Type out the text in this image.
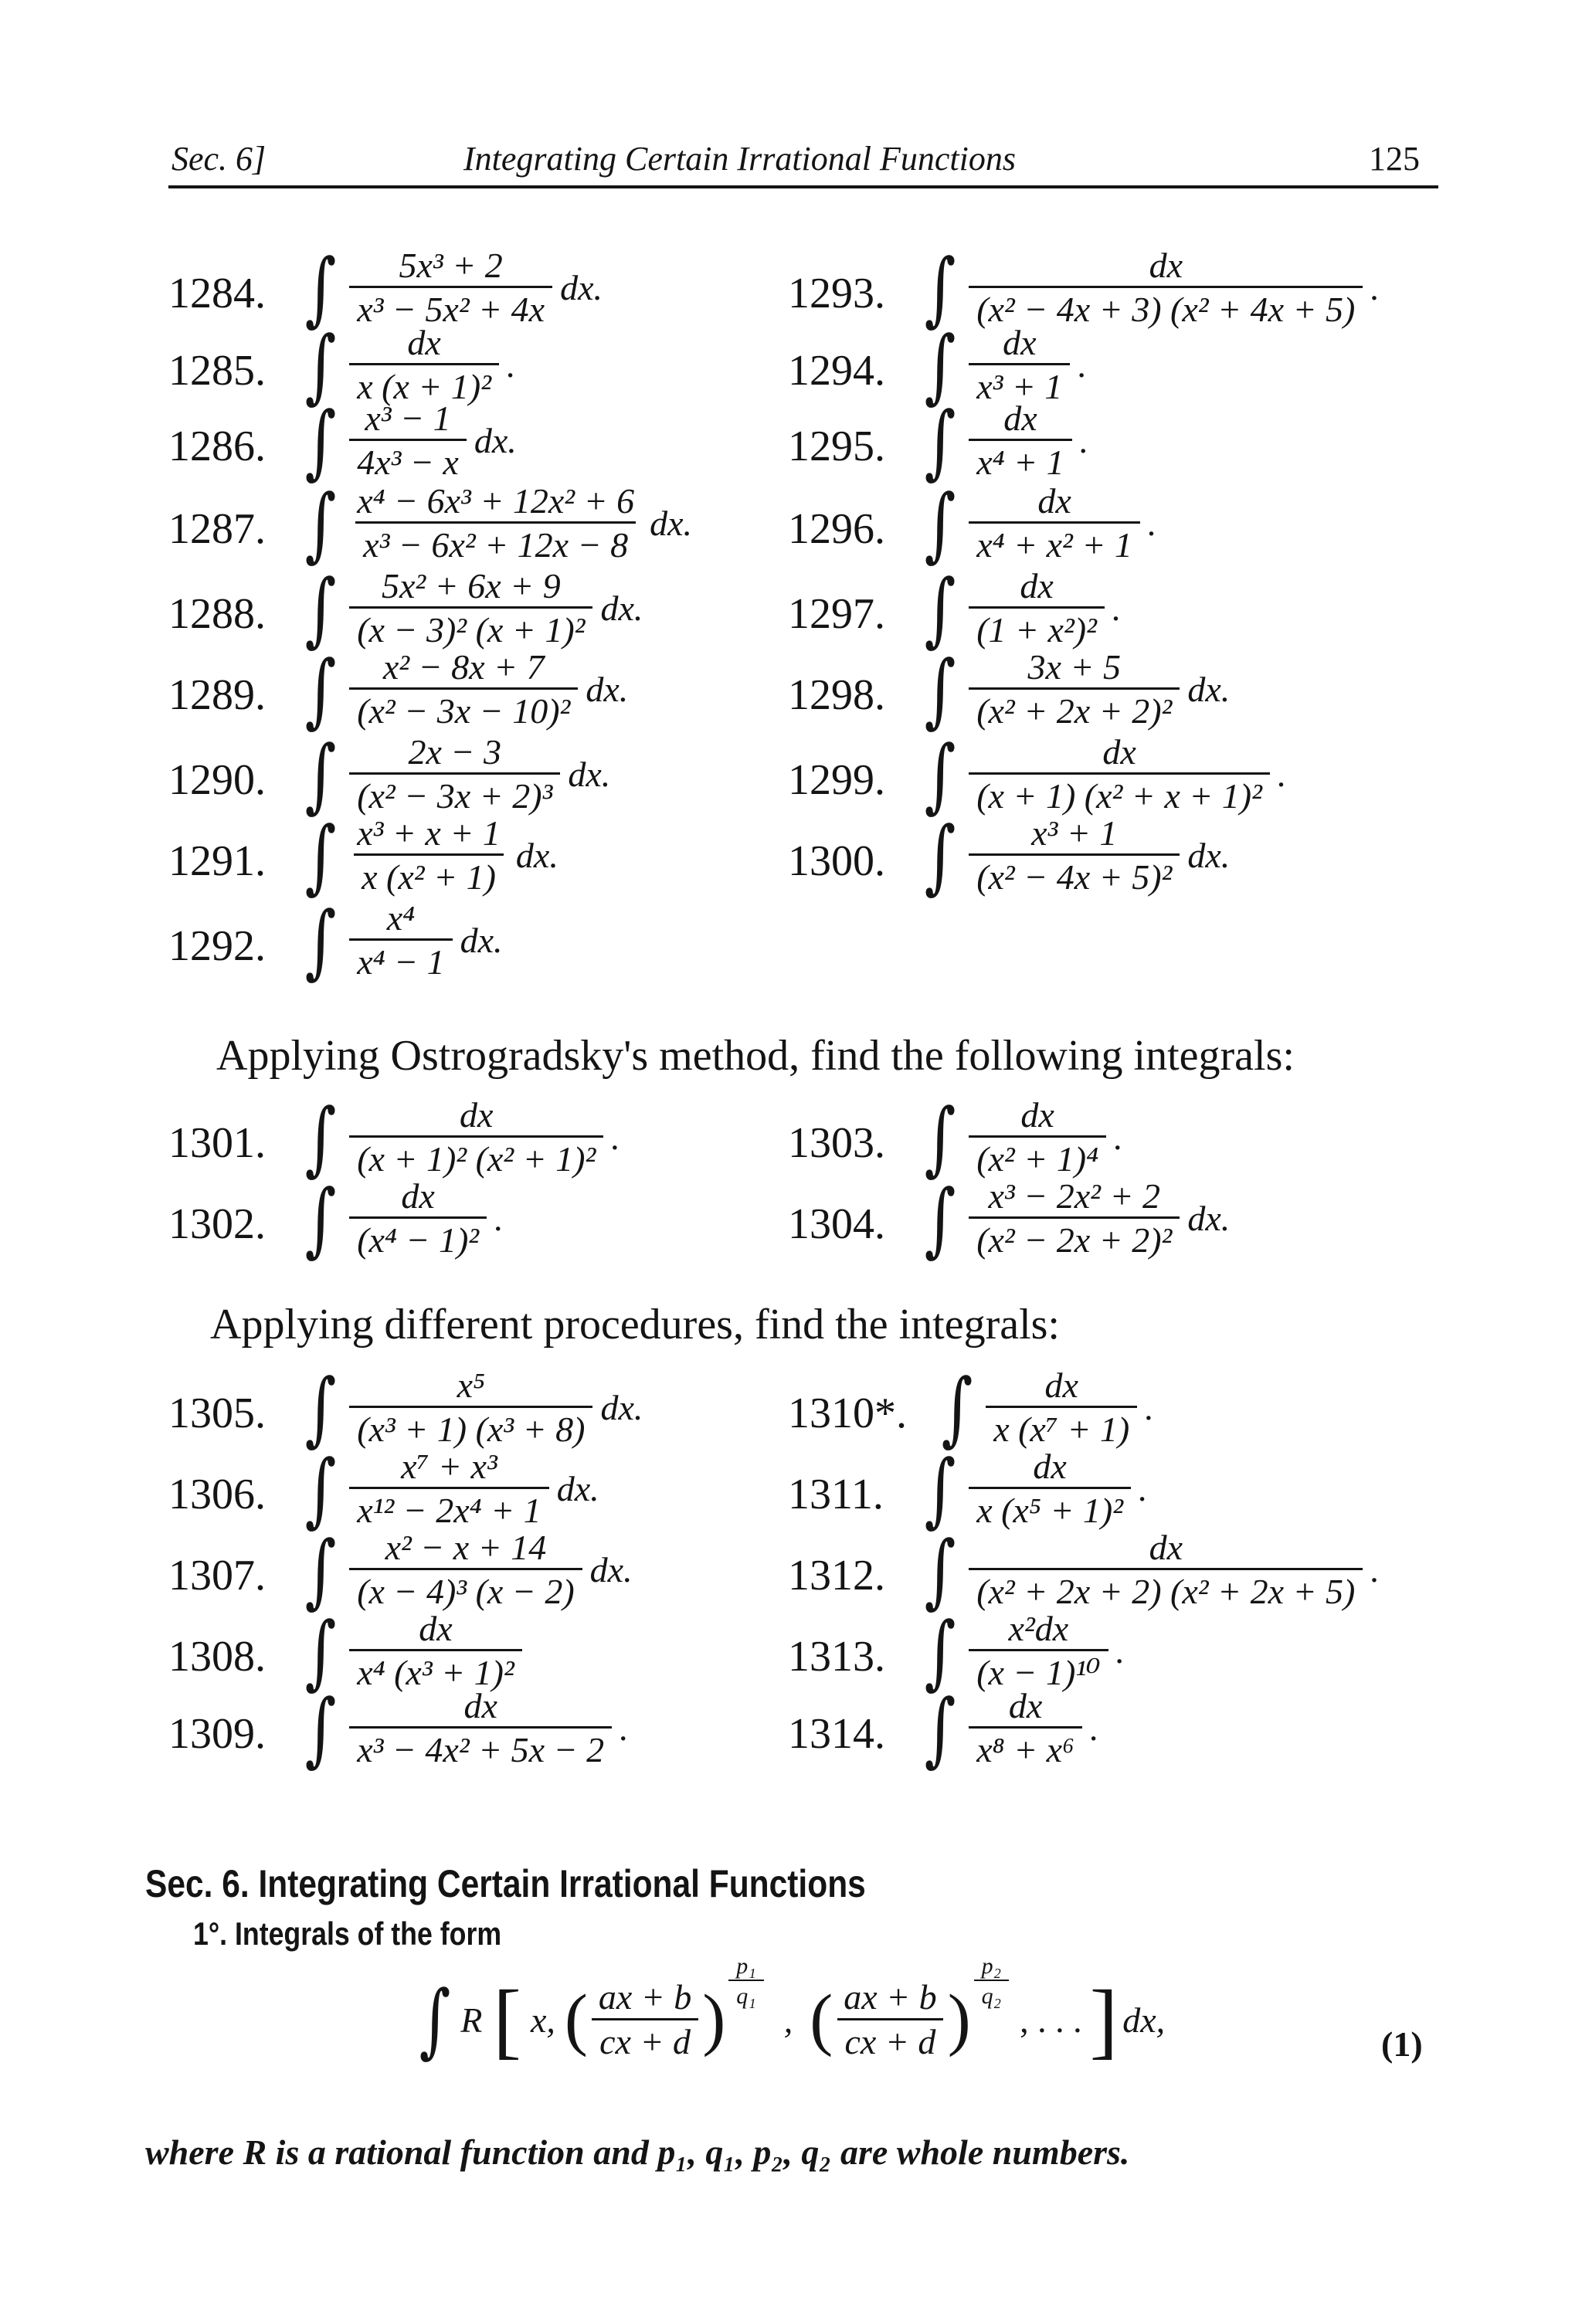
Sec. 6]	Integrating Certain Irrational Functions	125
1284. ∫ $\frac{\text{5x³ + 2}}{\text{x³ − 5x² + 4x}}$ dx.
1285. ∫ $\frac{dx}{\text{x (x + 1)²}}$ .
1286. ∫ $\frac{\text{x³ − 1}}{\text{4x³ − x}}$ dx.
1287. ∫ $\frac{\text{x⁴ − 6x³ + 12x² + 6}}{\text{x³ − 6x² + 12x − 8}}$ dx.
1288. ∫ $\frac{\text{5x² + 6x + 9}}{\text{(x − 3)² (x + 1)²}}$ dx.
1289. ∫ $\frac{\text{x² − 8x + 7}}{\text{(x² − 3x − 10)²}}$ dx.
1290. ∫ $\frac{2x - 3}{\text{(x² − 3x + 2)³}}$ dx.
1291. ∫ $\frac{\text{x³ + x + 1}}{\text{x (x² + 1)}}$ dx.
1292. ∫ $\frac{\text{x⁴}}{\text{x⁴ − 1}}$ dx.
1293. ∫ $\frac{dx}{\text{(x² − 4x + 3) (x² + 4x + 5)}}$ .
1294. ∫ $\frac{dx}{\text{x³ + 1}}$ .
1295. ∫ $\frac{dx}{\text{x⁴ + 1}}$ .
1296. ∫ $\frac{dx}{\text{x⁴ + x² + 1}}$ .
1297. ∫ $\frac{dx}{\text{(1 + x²)²}}$ .
1298. ∫ $\frac{3x + 5}{\text{(x² + 2x + 2)²}}$ dx.
1299. ∫ $\frac{dx}{\text{(x + 1) (x² + x + 1)²}}$ .
1300. ∫ $\frac{\text{x³ + 1}}{\text{(x² − 4x + 5)²}}$ dx.
Applying Ostrogradsky's method, find the following integrals:
1301. ∫ $\frac{dx}{\text{(x + 1)² (x² + 1)²}}$ .
1302. ∫ $\frac{dx}{\text{(x⁴ − 1)²}}$ .
1303. ∫ $\frac{dx}{\text{(x² + 1)⁴}}$ .
1304. ∫ $\frac{\text{x³ − 2x² + 2}}{\text{(x² − 2x + 2)²}}$ dx.
Applying different procedures, find the integrals:
1305. ∫ $\frac{\text{x⁵}}{\text{(x³ + 1) (x³ + 8)}}$ dx.
1306. ∫ $\frac{\text{x⁷ + x³}}{\text{x¹² − 2x⁴ + 1}}$ dx.
1307. ∫ $\frac{\text{x² − x + 14}}{\text{(x − 4)³ (x − 2)}}$ dx.
1308. ∫ $\frac{dx}{\text{x⁴ (x³ + 1)²}}$
1309. ∫ $\frac{dx}{\text{x³ − 4x² + 5x − 2}}$ .
1310*. ∫ $\frac{dx}{\text{x (x⁷ + 1)}}$ .
1311. ∫ $\frac{dx}{\text{x (x⁵ + 1)²}}$ .
1312. ∫ $\frac{dx}{\text{(x² + 2x + 2) (x² + 2x + 5)}}$ .
1313. ∫ $\frac{\text{x²dx}}{\text{(x − 1)¹⁰}}$ .
1314. ∫ $\frac{dx}{\text{x⁸ + x⁶}}$ .
Sec. 6. Integrating Certain Irrational Functions
1°. Integrals of the form
∫ R [ x, ( $\frac{ax + b}{cx + d}$ ) $\frac{\text{p₁}}{\text{q₁}}$
, ( $\frac{ax + b}{cx + d}$ ) $\frac{\text{p₂}}{\text{q₂}}$
, . . . ] dx,
(1)
where R is a rational function and p₁, q₁, p₂, q₂ are whole numbers.
